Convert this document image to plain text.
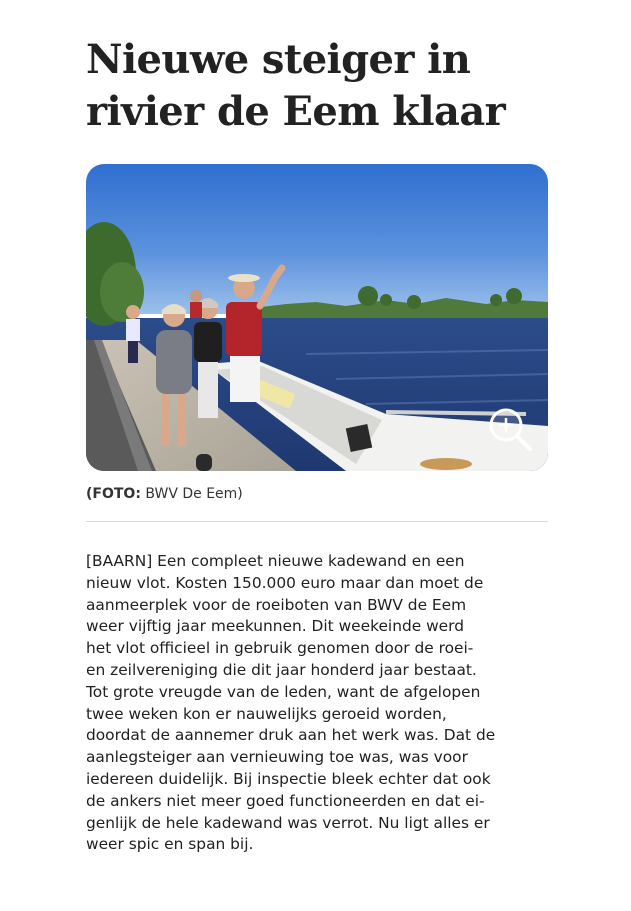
Nieuwe steiger in
rivier de Eem klaar
(FOTO: BWV De Eem)
[BAARN] Een compleet nieuwe kadewand en een
nieuw vlot. Kosten 150.000 euro maar dan moet de
aanmeerplek voor de roeiboten van BWV de Eem
weer vijftig jaar meekunnen. Dit weekeinde werd
het vlot officieel in gebruik genomen door de roei-
en zeilvereniging die dit jaar honderd jaar bestaat.
Tot grote vreugde van de leden, want de afgelopen
twee weken kon er nauwelijks geroeid worden,
doordat de aannemer druk aan het werk was. Dat de
aanlegsteiger aan vernieuwing toe was, was voor
iedereen duidelijk. Bij inspectie bleek echter dat ook
de ankers niet meer goed functioneerden en dat ei-
genlijk de hele kadewand was verrot. Nu ligt alles er
weer spic en span bij.
